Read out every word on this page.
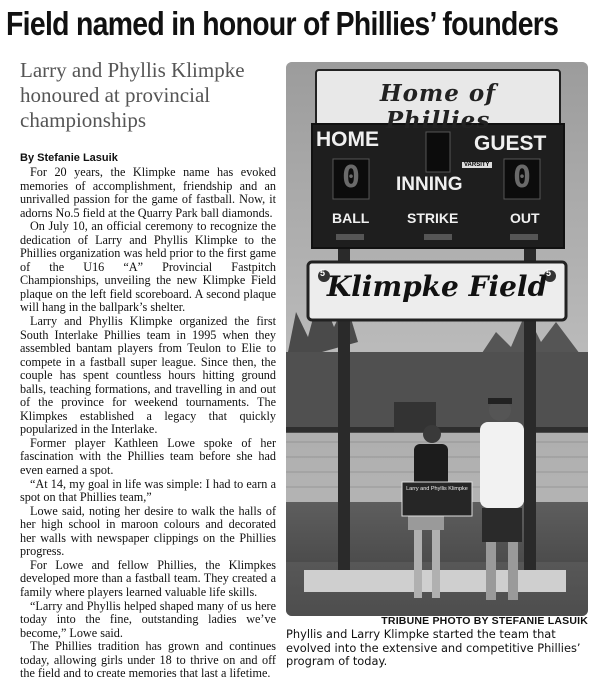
Field named in honour of Phillies’ founders
Larry and Phyllis Klimpke honoured at provincial championships
By Stefanie Lasuik

For 20 years, the Klimpke name has evoked memories of accomplishment, friendship and an unrivalled passion for the game of fastball. Now, it adorns No.5 field at the Quarry Park ball diamonds.

On July 10, an official ceremony to recognize the dedication of Larry and Phyllis Klimpke to the Phillies organization was held prior to the first game of the U16 “A” Provincial Fastpitch Championships, unveiling the new Klimpke Field plaque on the left field scoreboard. A second plaque will hang in the ballpark’s shelter.

Larry and Phyllis Klimpke organized the first South Interlake Phillies team in 1995 when they assembled bantam players from Teulon to Elie to compete in a fastball super league. Since then, the couple has spent countless hours hitting ground balls, teaching formations, and travelling in and out of the province for weekend tournaments. The Klimpkes established a legacy that quickly popularized in the Interlake.

Former player Kathleen Lowe spoke of her fascination with the Phillies team before she had even earned a spot.

“At 14, my goal in life was simple: I had to earn a spot on that Phillies team,”

Lowe said, noting her desire to walk the halls of her high school in maroon colours and decorated her walls with newspaper clippings on the Phillies progress.

For Lowe and fellow Phillies, the Klimpkes developed more than a fastball team. They created a family where players learned valuable life skills.

“Larry and Phyllis helped shaped many of us here today into the fine, outstanding ladies we’ve become,” Lowe said.

The Phillies tradition has grown and continues today, allowing girls under 18 to thrive on and off the field and to create memories that last a lifetime.

Home of Phillies
HOME	GUEST
VARSITY
0	0
INNING
BALL	STRIKE	OUT
Klimpke Field
5	5
Larry and Phyllis Klimpke
TRIBUNE PHOTO BY STEFANIE LASUIK
Phyllis and Larry Klimpke started the team that evolved into the extensive and competitive Phillies’ program of today.
